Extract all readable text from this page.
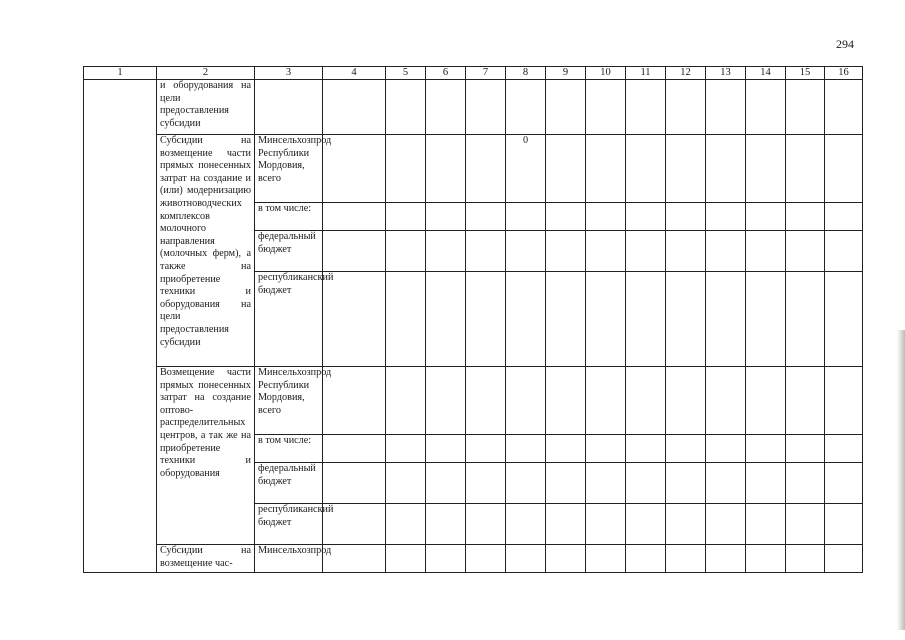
294
1	2	3	4	5	6	7	8	9	10	11	12	13	14	15	16
	и оборудования на цели предоставления субсидии														
	Субсидии на возмещение части прямых понесенных затрат на создание и (или) модернизацию животноводческих комплексов молочного направления (молочных ферм), а также на приобретение техники и оборудования на цели предоставления субсидии	Минсельхозпрод Республики Мордовия, всего					0								
		в том числе:													
		федеральный бюджет													
		республиканский бюджет													
	Возмещение части прямых понесенных затрат на создание оптово-распределительных центров, а так же на приобретение техники и оборудования	Минсельхозпрод Республики Мордовия, всего													
		в том числе:													
		федеральный бюджет													
		республиканский бюджет													
	Субсидии на возмещение час-	Минсельхозпрод													
